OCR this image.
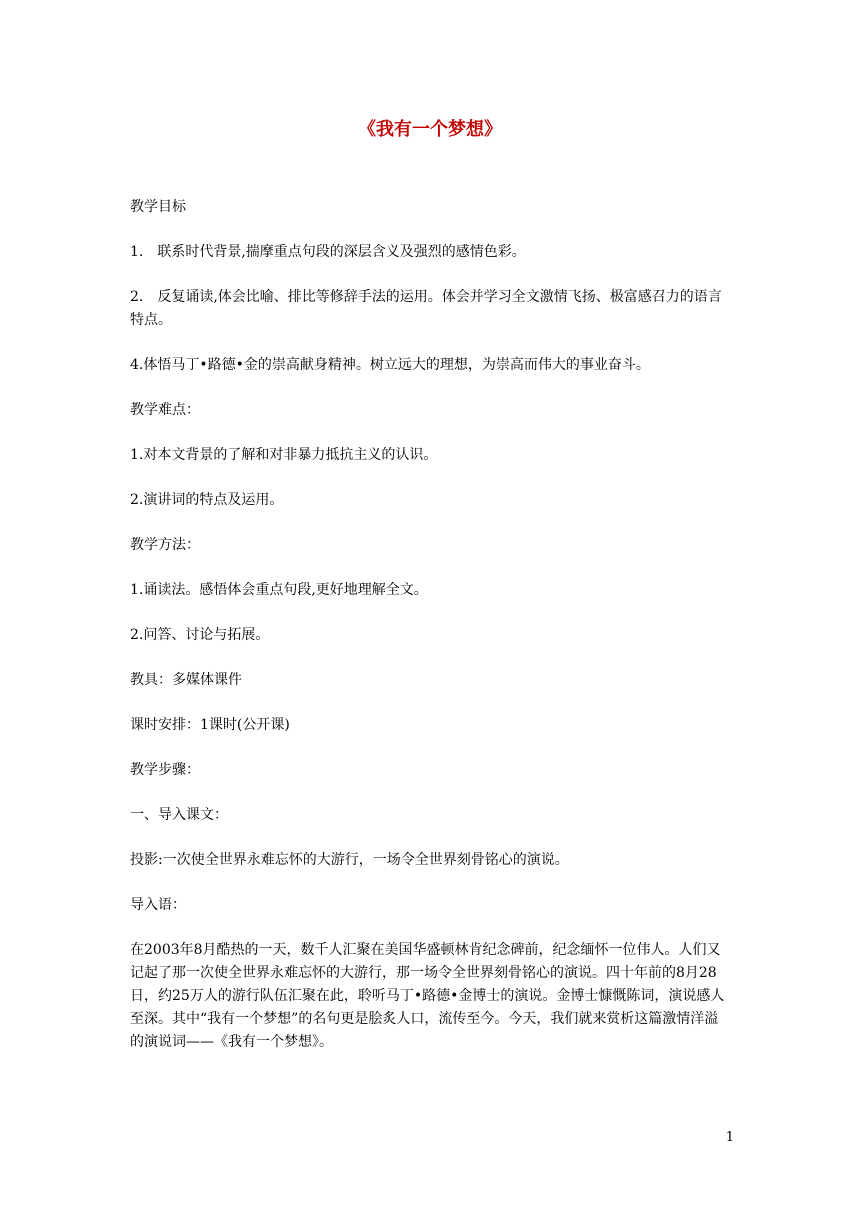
《我有一个梦想》

教学目标

1.　联系时代背景,揣摩重点句段的深层含义及强烈的感情色彩。

2.　反复诵读,体会比喻、排比等修辞手法的运用。体会并学习全文激情飞扬、极富感召力的语言特点。

4.体悟马丁•路德•金的崇高献身精神。树立远大的理想，为崇高而伟大的事业奋斗。

教学难点：

1.对本文背景的了解和对非暴力抵抗主义的认识。

2.演讲词的特点及运用。

教学方法：

1.诵读法。感悟体会重点句段,更好地理解全文。

2.问答、讨论与拓展。

教具：多媒体课件

课时安排：1课时(公开课)

教学步骤：

一、导入课文：

投影:一次使全世界永难忘怀的大游行，一场令全世界刻骨铭心的演说。

导入语：

在2003年8月酷热的一天，数千人汇聚在美国华盛顿林肯纪念碑前，纪念缅怀一位伟人。人们又记起了那一次使全世界永难忘怀的大游行，那一场令全世界刻骨铭心的演说。四十年前的8月28日，约25万人的游行队伍汇聚在此，聆听马丁•路德•金博士的演说。金博士慷慨陈词，演说感人至深。其中“我有一个梦想”的名句更是脍炙人口，流传至今。今天，我们就来赏析这篇激情洋溢的演说词——《我有一个梦想》。

1
